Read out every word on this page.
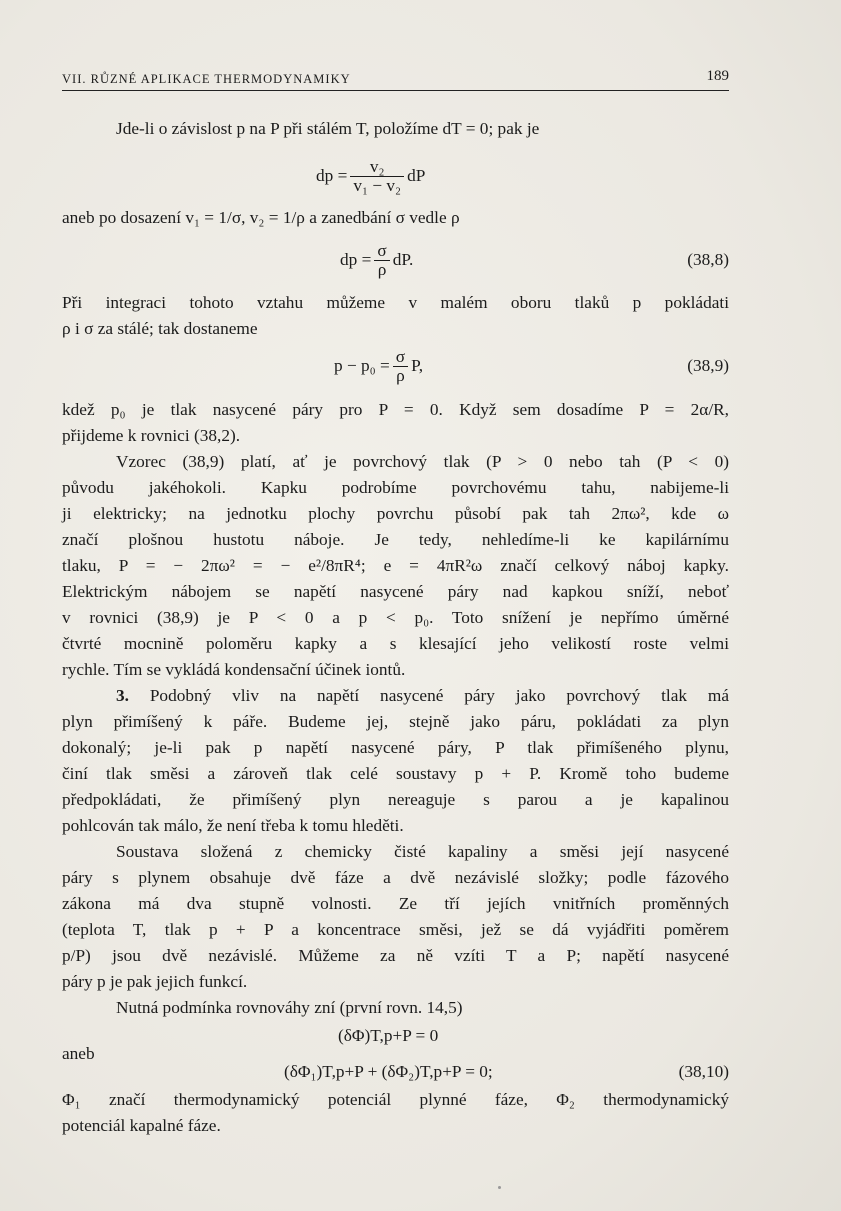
VII. RŮZNÉ APLIKACE THERMODYNAMIKY	189
Jde-li o závislost p na P při stálém T, položíme dT = 0; pak je
dp = $\frac{\text{v₂}}{\text{v₁ − v₂}}$ dP
aneb po dosazení v₁ = 1/σ, v₂ = 1/ρ a zanedbání σ vedle ρ
dp = $\frac{\sigma}{\rho}$ dP.	(38,8)
Při integraci tohoto vztahu můžeme v malém oboru tlaků p pokládati
ρ i σ za stálé; tak dostaneme
$p - p_0 = \frac{\sigma}{\rho} P$,	(38,9)
kdež p₀ je tlak nasycené páry pro P = 0. Když sem dosadíme P = 2α/R,
přijdeme k rovnici (38,2).
Vzorec (38,9) platí, ať je povrchový tlak (P > 0 nebo tah (P < 0)
původu jakéhokoli. Kapku podrobíme povrchovému tahu, nabijeme-li
ji elektricky; na jednotku plochy povrchu působí pak tah 2πω², kde ω
značí plošnou hustotu náboje. Je tedy, nehledíme-li ke kapilárnímu
tlaku, P = − 2πω² = − e²/8πR⁴; e = 4πR²ω značí celkový náboj kapky.
Elektrickým nábojem se napětí nasycené páry nad kapkou sníží, neboť
v rovnici (38,9) je P < 0 a p < p₀. Toto snížení je nepřímo úměrné
čtvrté mocnině poloměru kapky a s klesající jeho velikostí roste velmi
rychle. Tím se vykládá kondensační účinek iontů.
3. Podobný vliv na napětí nasycené páry jako povrchový tlak má
plyn přimíšený k páře. Budeme jej, stejně jako páru, pokládati za plyn
dokonalý; je-li pak p napětí nasycené páry, P tlak přimíšeného plynu,
činí tlak směsi a zároveň tlak celé soustavy p + P. Kromě toho budeme
předpokládati, že přimíšený plyn nereaguje s parou a je kapalinou
pohlcován tak málo, že není třeba k tomu hleděti.
Soustava složená z chemicky čisté kapaliny a směsi její nasycené
páry s plynem obsahuje dvě fáze a dvě nezávislé složky; podle fázového
zákona má dva stupně volnosti. Ze tří jejích vnitřních proměnných
(teplota T, tlak p + P a koncentrace směsi, jež se dá vyjádřiti poměrem
p/P) jsou dvě nezávislé. Můžeme za ně vzíti T a P; napětí nasycené
páry p je pak jejich funkcí.
Nutná podmínka rovnováhy zní (první rovn. 14,5)
(δΦ)T,p+P = 0
aneb
(δΦ₁)T,p+P + (δΦ₂)T,p+P = 0;	(38,10)
Φ₁ značí thermodynamický potenciál plynné fáze, Φ₂ thermodynamický
potenciál kapalné fáze.
